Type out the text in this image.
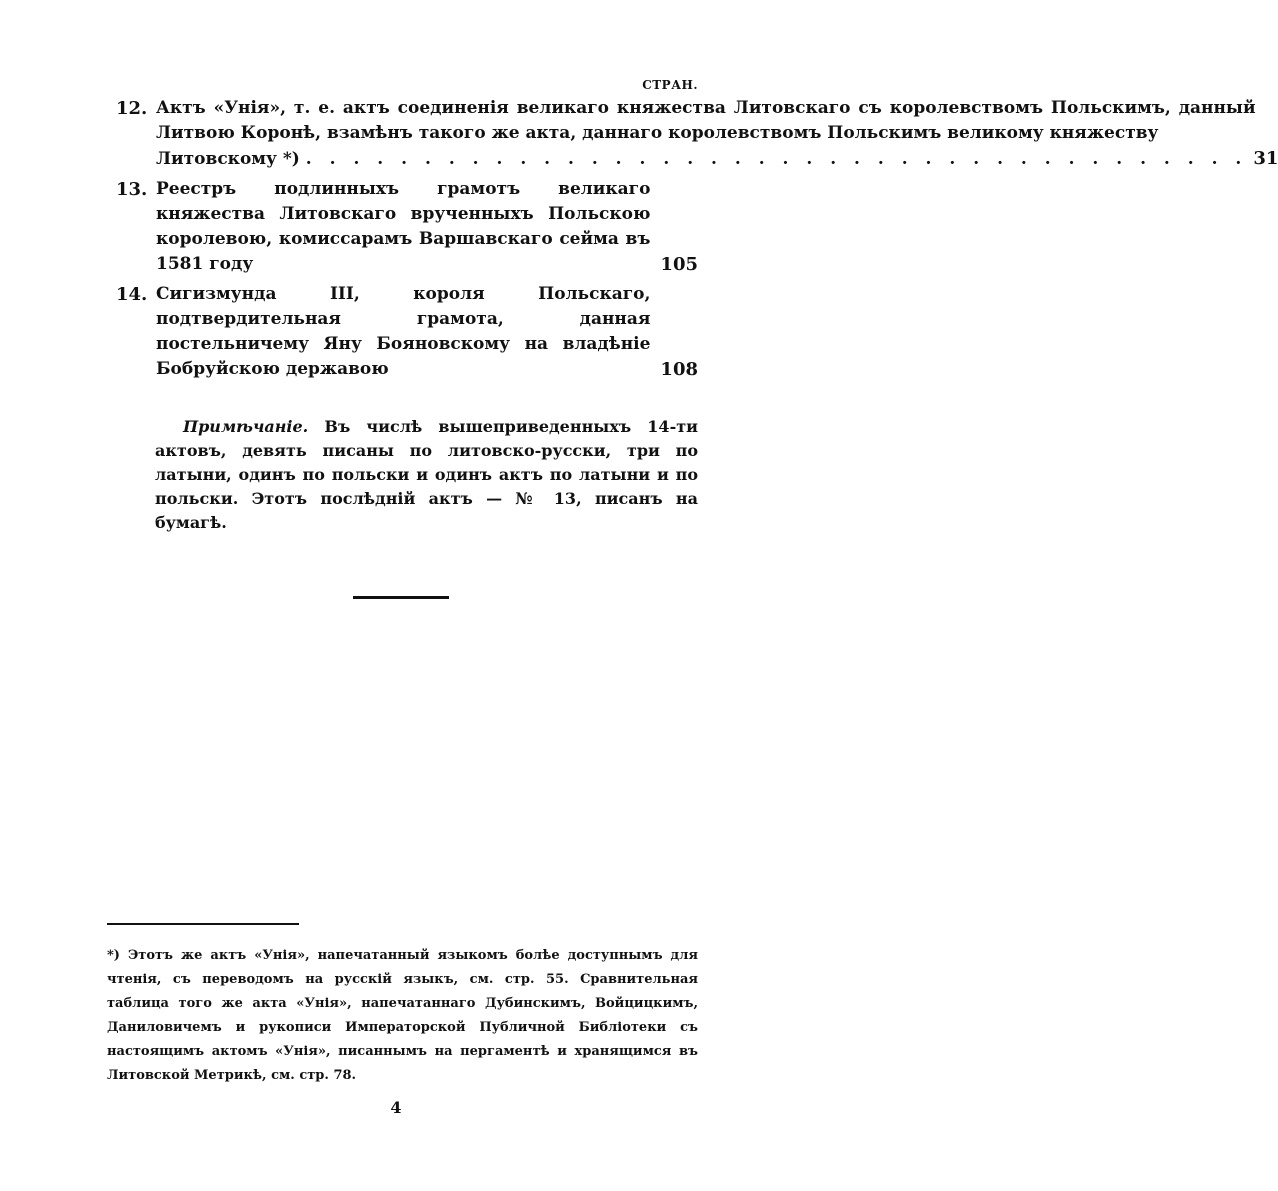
СТРАН.
12. Актъ «Унія», т. е. актъ соединенія великаго княжества Литовскаго съ королевствомъ Польскимъ, данный Литвою Коронѣ, взамѣнъ такого же акта, даннаго королевствомъ Польскимъ великому княжеству

Литовскому *) . . . . . . . . . . . . . . . . . . . . . . . . . . . . . . . . . . . . . . . . 31
13. Реестръ подлинныхъ грамотъ великаго княжества Литовскаго врученныхъ Польскою королевою, комиссарамъ Варшавскаго сейма въ 1581 году	105
14. Сигизмунда III, короля Польскаго, подтвердительная грамота, данная постельничему Яну Бояновскому на владѣніе Бобруйскою державою	108
Примѣчаніе. Въ числѣ вышеприведенныхъ 14-ти актовъ, девять писаны по литовско-русски, три по латыни, одинъ по польски и одинъ актъ по латыни и по польски. Этотъ послѣдній актъ — № 13, писанъ на бумагѣ.
*) Этотъ же актъ «Унія», напечатанный языкомъ болѣе доступнымъ для чтенія, съ переводомъ на русскій языкъ, см. стр. 55. Сравнительная таблица того же акта «Унія», напечатаннаго Дубинскимъ, Войцицкимъ, Даниловичемъ и рукописи Императорской Публичной Библіотеки съ настоящимъ актомъ «Унія», писаннымъ на пергаментѣ и хранящимся въ Литовской Метрикѣ, см. стр. 78.
4
